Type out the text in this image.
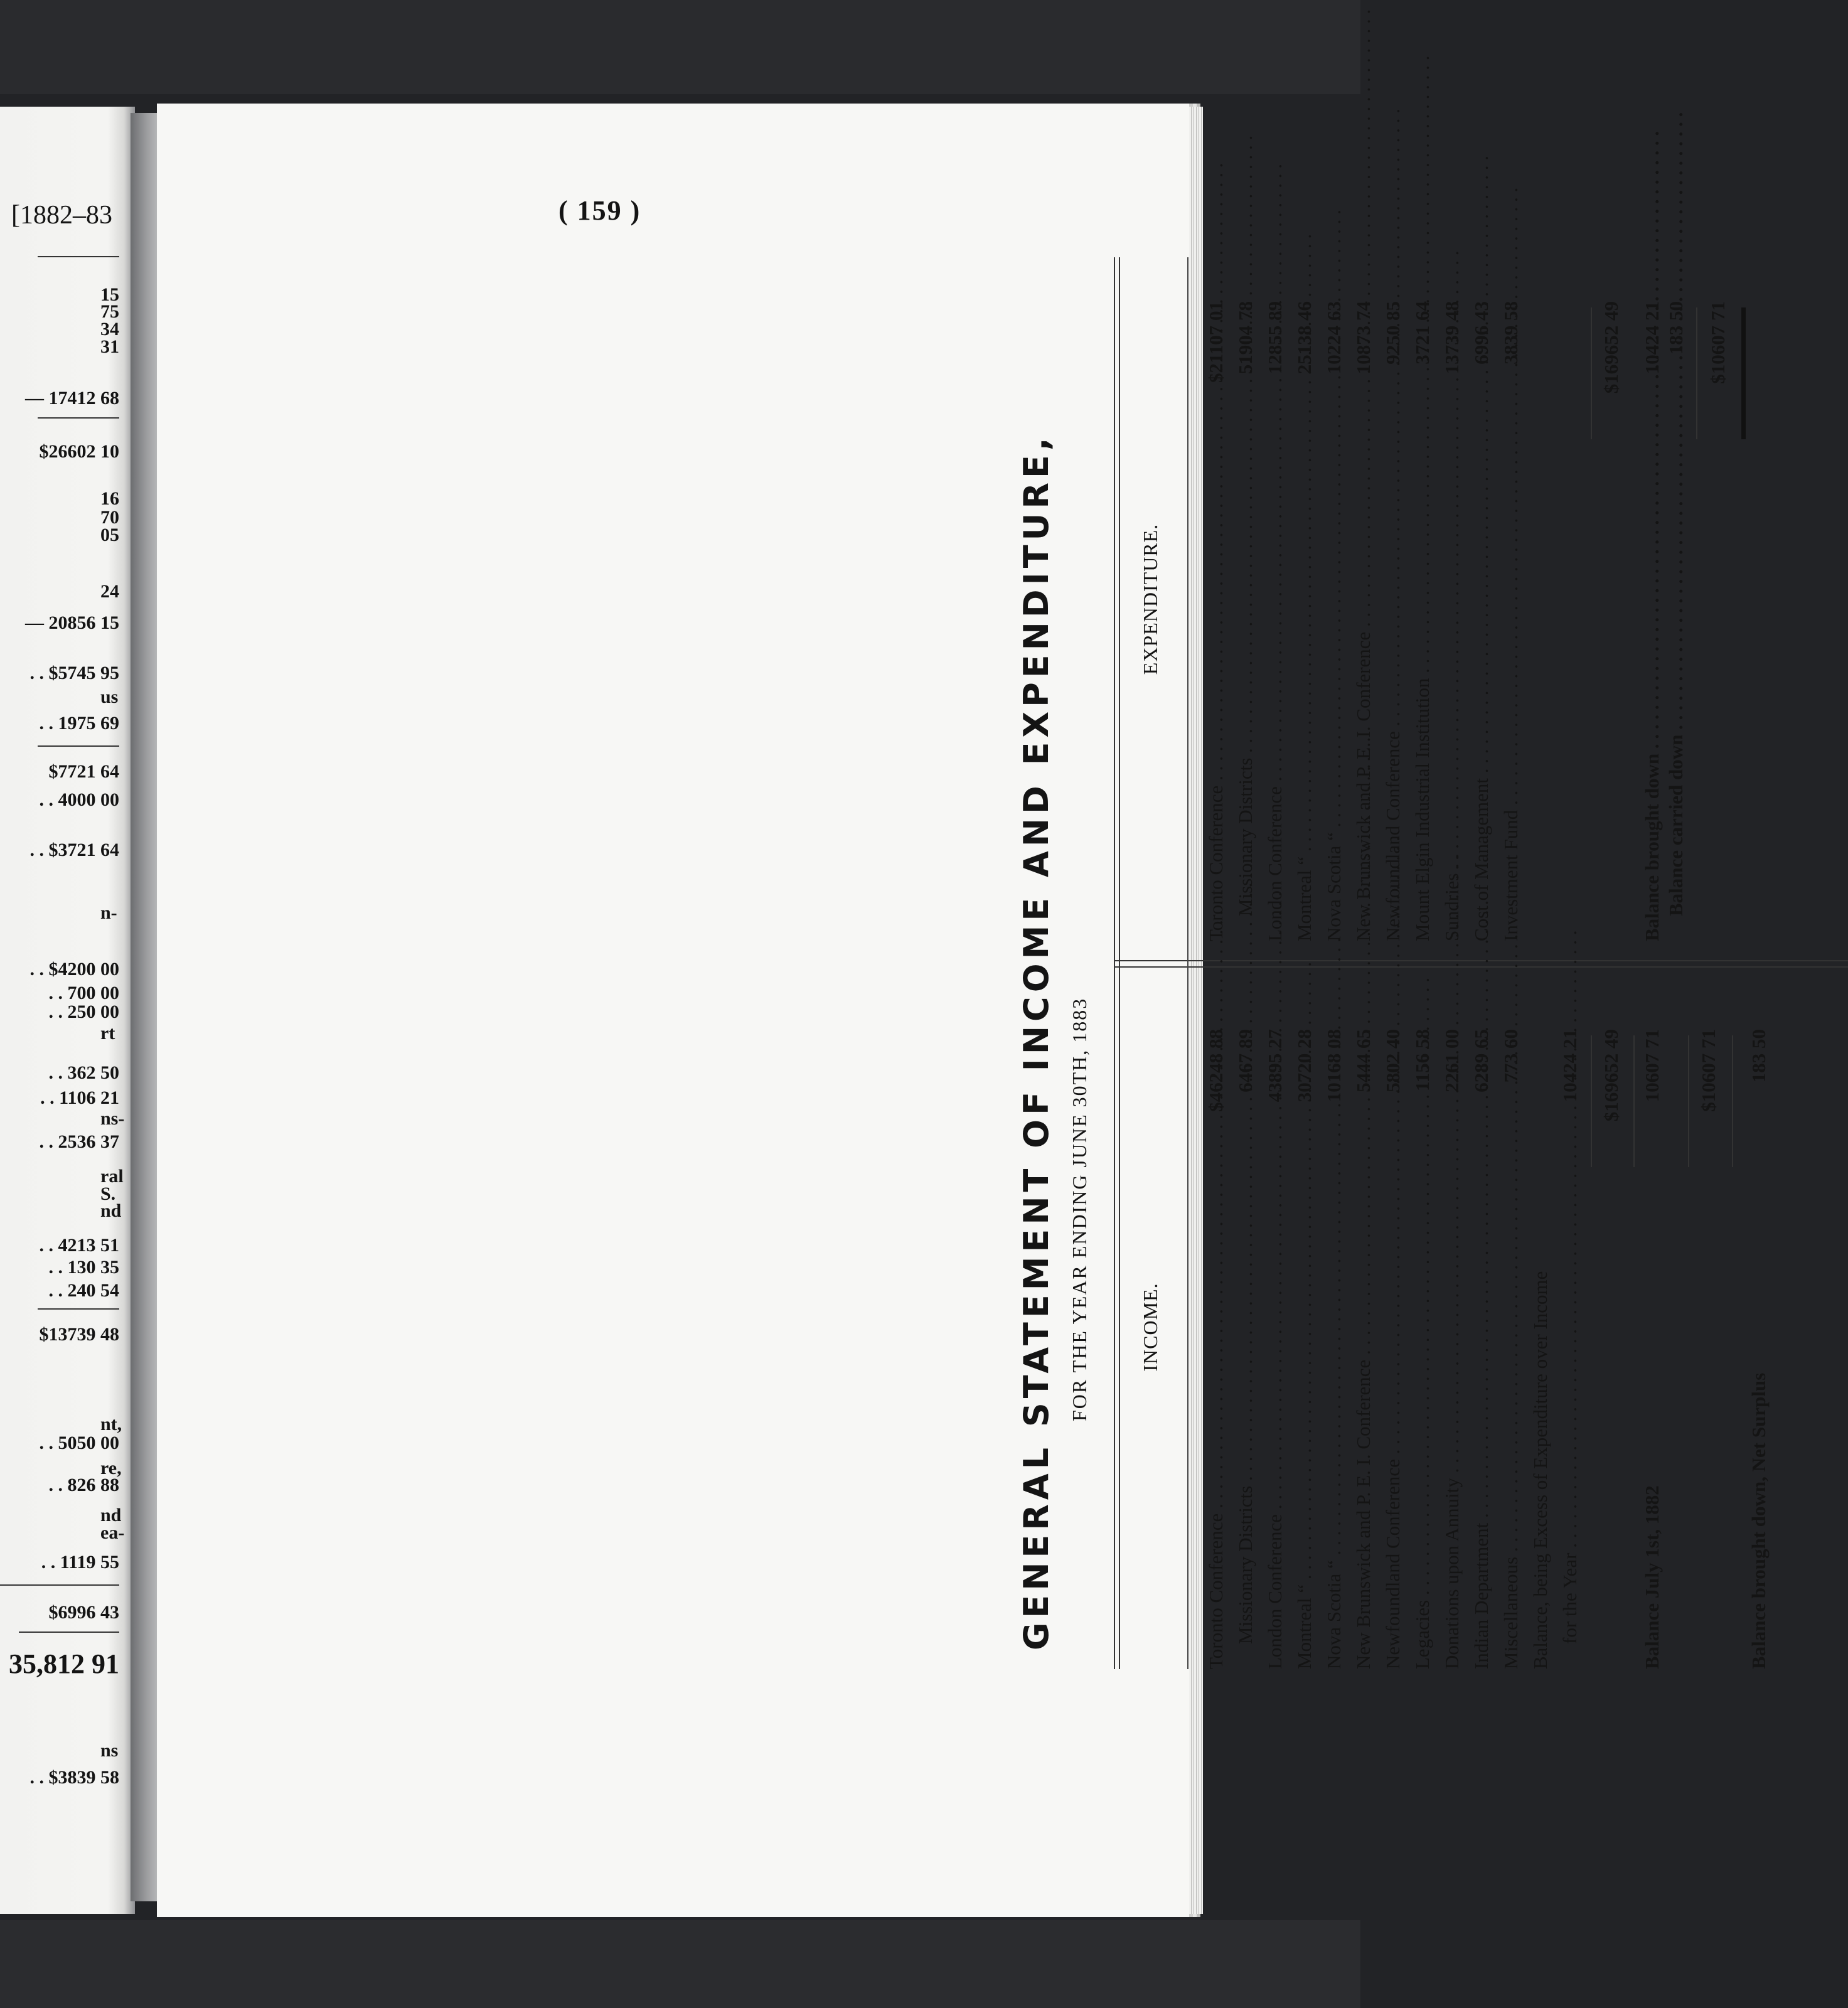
[1882–83
15
75
34
31
— 17412 68
$26602 10
16
70
05
24
— 20856 15
. . $5745 95
us
. . 1975 69
$7721 64
. . 4000 00
. . $3721 64
n-
. . $4200 00
. . 700 00
. . 250 00
rt
. . 362 50
. . 1106 21
ns-
. . 2536 37
ral
S.
nd
. . 4213 51
. . 130 35
. . 240 54
$13739 48
nt,
. . 5050 00
re,
. . 826 88
nd
ea-
. . 1119 55
$6996 43
35,812 91
ns
. . $3839 58
( 159 )
GENERAL STATEMENT OF INCOME AND EXPENDITURE, FOR THE YEAR ENDING JUNE 30TH, 1883 INCOME.
Toronto Conference . . .
$46248 88
Missionary Districts . . .
6467 89
London Conference . . .
43895 27
Montreal “ . . .
30720 28
Nova Scotia “ . . .
10168 08
New Brunswick and P. E. I. Conference . . .
5444 65
Newfoundland Conference . . .
5802 40
Legacies . . .
1156 58
Donations upon Annuity . . .
2261 00
Indian Department . . .
6289 65
Miscellaneous . . .
773 60
Balance, being Excess of Expenditure over Income for the Year . . .
10424 21 $169652 49
Balance July 1st, 1882
10607 71 $10607 71
Balance brought down, Net Surplus
183 50
EXPENDITURE.
Toronto Conference . . .
$21107 01
Missionary Districts . . .
51904 78
London Conference . . .
12855 89
Montreal “ . . .
25138 46
Nova Scotia “ . . .
10224 63
New Brunswick and P. E. I. Conference . . .
10873 74
Newfoundland Conference . . .
9250 85
Mount Elgin Industrial Institution . . .
3721 64
Sundries . . .
13739 48
Cost of Management . . .
6996 43
Investment Fund . . .
3839 58	$169652 49
Balance brought down . . .
10424 21
Balance carried down . . .
183 50 $10607 71
